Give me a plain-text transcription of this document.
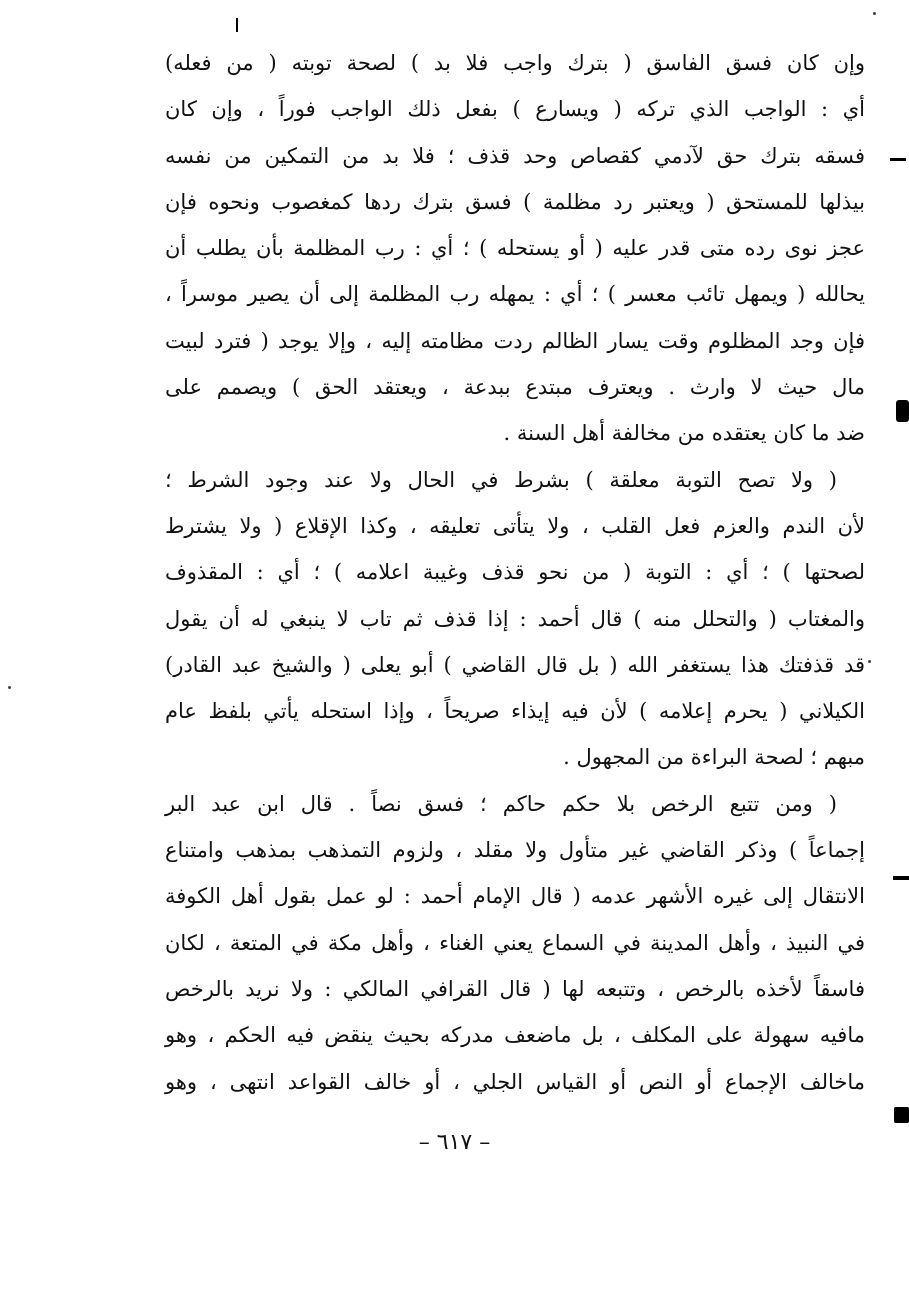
وإن كان فسق الفاسق ( بترك واجب فلا بد ) لصحة توبته ( من فعله)
أي : الواجب الذي تركه ( ويسارع ) بفعل ذلك الواجب فوراً ، وإن كان
فسقه بترك حق لآدمي كقصاص وحد قذف ؛ فلا بد من التمكين من نفسه
بيذلها للمستحق ( ويعتبر رد مظلمة ) فسق بترك ردها كمغصوب ونحوه فإن
عجز نوى رده متى قدر عليه ( أو يستحله ) ؛ أي : رب المظلمة بأن يطلب أن
يحالله ( ويمهل تائب معسر ) ؛ أي : يمهله رب المظلمة إلى أن يصير موسراً ،
فإن وجد المظلوم وقت يسار الظالم ردت مظامته إليه ، وإلا يوجد ( فترد لبيت
مال حيث لا وارث . ويعترف مبتدع ببدعة ، ويعتقد الحق ) ويصمم على
ضد ما كان يعتقده من مخالفة أهل السنة .
( ولا تصح التوبة معلقة ) بشرط في الحال ولا عند وجود الشرط ؛
لأن الندم والعزم فعل القلب ، ولا يتأتى تعليقه ، وكذا الإقلاع ( ولا يشترط
لصحتها ) ؛ أي : التوبة ( من نحو قذف وغيبة اعلامه ) ؛ أي : المقذوف
والمغتاب ( والتحلل منه ) قال أحمد : إذا قذف ثم تاب لا ينبغي له أن يقول
قد قذفتك هذا يستغفر الله ( بل قال القاضي ) أبو يعلى ( والشيخ عبد القادر)
الكيلاني ( يحرم إعلامه ) لأن فيه إيذاء صريحاً ، وإذا استحله يأتي بلفظ عام
مبهم ؛ لصحة البراءة من المجهول .
( ومن تتبع الرخص بلا حكم حاكم ؛ فسق نصاً . قال ابن عبد البر
إجماعاً ) وذكر القاضي غير متأول ولا مقلد ، ولزوم التمذهب بمذهب وامتناع
الانتقال إلى غيره الأشهر عدمه ( قال الإمام أحمد : لو عمل بقول أهل الكوفة
في النبيذ ، وأهل المدينة في السماع يعني الغناء ، وأهل مكة في المتعة ، لكان
فاسقاً لأخذه بالرخص ، وتتبعه لها ( قال القرافي المالكي : ولا نريد بالرخص
مافيه سهولة على المكلف ، بل ماضعف مدركه بحيث ينقض فيه الحكم ، وهو
ماخالف الإجماع أو النص أو القياس الجلي ، أو خالف القواعد انتهى ، وهو
– ٦١٧ –
